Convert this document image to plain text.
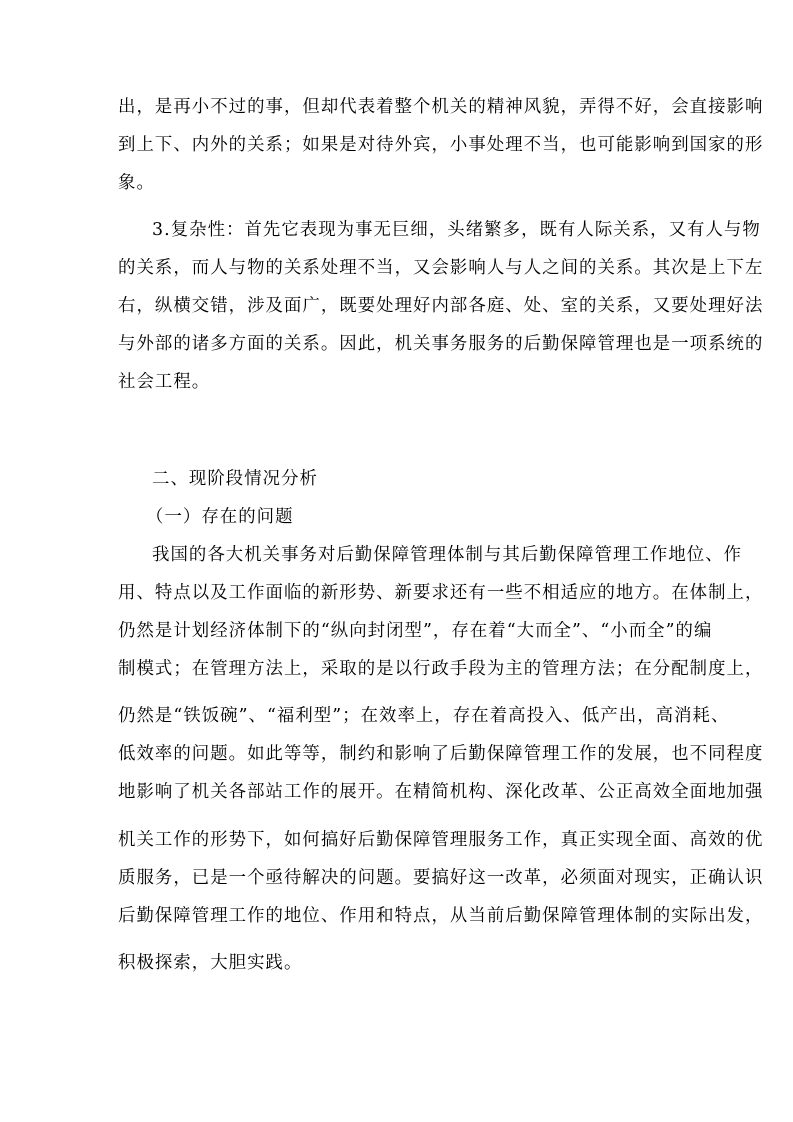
出，是再小不过的事，但却代表着整个机关的精神风貌，弄得不好，会直接影响
到上下、内外的关系；如果是对待外宾，小事处理不当，也可能影响到国家的形
象。
3.复杂性：首先它表现为事无巨细，头绪繁多，既有人际关系，又有人与物
的关系，而人与物的关系处理不当，又会影响人与人之间的关系。其次是上下左
右，纵横交错，涉及面广，既要处理好内部各庭、处、室的关系，又要处理好法
与外部的诸多方面的关系。因此，机关事务服务的后勤保障管理也是一项系统的
社会工程。
二、现阶段情况分析
（一）存在的问题
我国的各大机关事务对后勤保障管理体制与其后勤保障管理工作地位、作
用、特点以及工作面临的新形势、新要求还有一些不相适应的地方。在体制上，
仍然是计划经济体制下的“纵向封闭型”，存在着“大而全”、“小而全”的编
制模式；在管理方法上，采取的是以行政手段为主的管理方法；在分配制度上，
仍然是“铁饭碗”、“福利型”；在效率上，存在着高投入、低产出，高消耗、
低效率的问题。如此等等，制约和影响了后勤保障管理工作的发展，也不同程度
地影响了机关各部站工作的展开。在精简机构、深化改革、公正高效全面地加强
机关工作的形势下，如何搞好后勤保障管理服务工作，真正实现全面、高效的优
质服务，已是一个亟待解决的问题。要搞好这一改革，必须面对现实，正确认识
后勤保障管理工作的地位、作用和特点，从当前后勤保障管理体制的实际出发，
积极探索，大胆实践。
